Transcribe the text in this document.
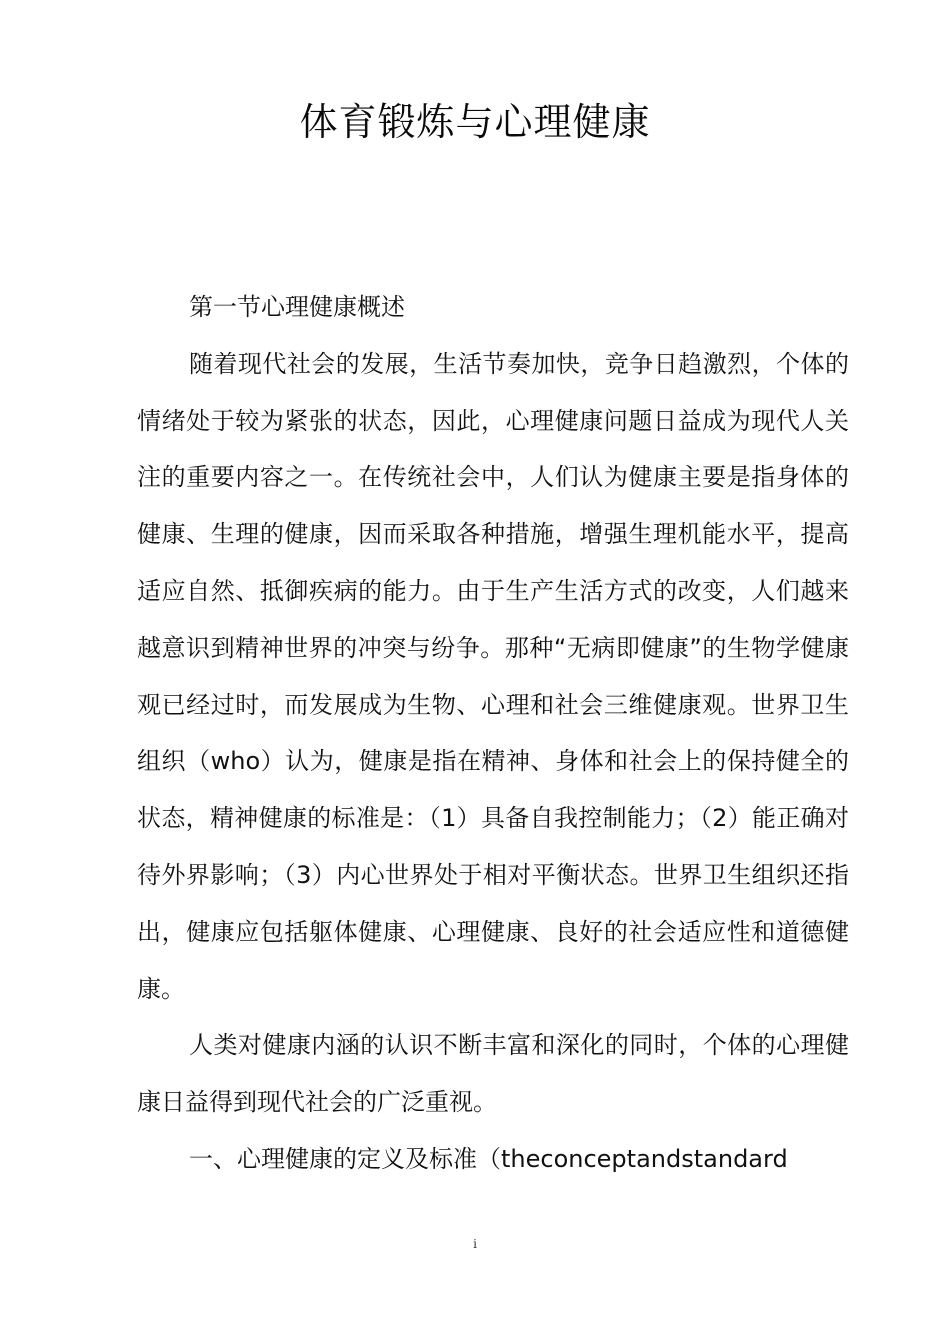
体育锻炼与心理健康

第一节心理健康概述

随着现代社会的发展，生活节奏加快，竞争日趋激烈，个体的情绪处于较为紧张的状态，因此，心理健康问题日益成为现代人关注的重要内容之一。在传统社会中，人们认为健康主要是指身体的健康、生理的健康，因而采取各种措施，增强生理机能水平，提高适应自然、抵御疾病的能力。由于生产生活方式的改变，人们越来越意识到精神世界的冲突与纷争。那种“无病即健康”的生物学健康观已经过时，而发展成为生物、心理和社会三维健康观。世界卫生组织（who）认为，健康是指在精神、身体和社会上的保持健全的状态，精神健康的标准是：（1）具备自我控制能力；（2）能正确对待外界影响；（3）内心世界处于相对平衡状态。世界卫生组织还指出，健康应包括躯体健康、心理健康、良好的社会适应性和道德健康。

人类对健康内涵的认识不断丰富和深化的同时，个体的心理健康日益得到现代社会的广泛重视。

一、心理健康的定义及标准（theconceptandstandard

i
